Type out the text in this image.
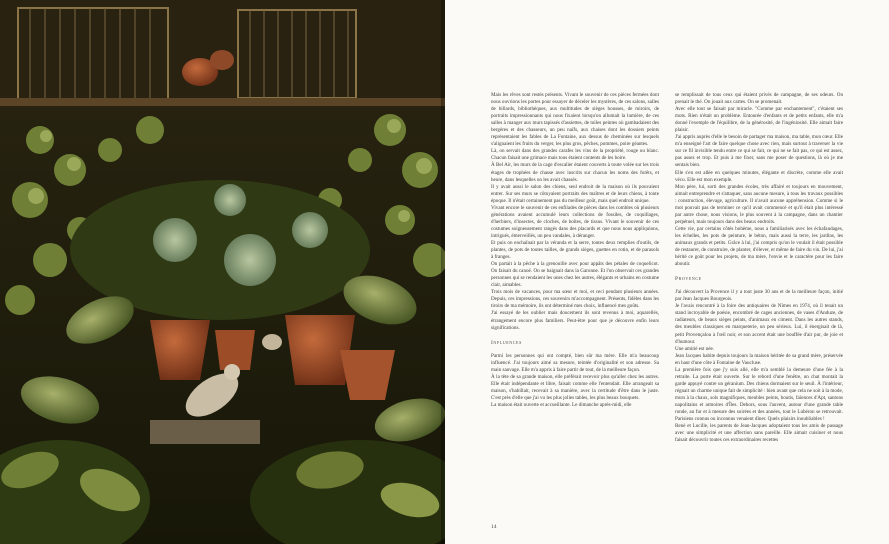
Mais les rêves sont restés présents. Vivant le souvenir de ces pièces fermées dont nous ouvrions les portes pour essayer de déceler les mystères, de ces salons, salles de billards, bibliothèques, aux multitudes de sièges housses, de miroirs, de portraits impressionnants qui nous fixaient lorsqu'on allumait la lumière, de ces salles à manger aux murs tapissés d'assiettes, de toiles peintes où gambadaient des bergères et des chasseurs, un peu naïfs, aux chaises dont les dossiers peints représentaient les fables de La Fontaine, aux dessus de cheminées sur lesquels s'alignaient les fruits du verger, les plus gros, pêches, pommes, poire géantes.

Là, on servait dans des grandes carafes les vins de la propriété, rouge ou blanc. Chacun faisait une grimace mais tous étaient contents de les boire.

À Bel Air, les murs de la cage d'escalier étaient couverts à toute volée sur les trois étages de trophées de chasse avec inscrits sur chacun les noms des forêts, et heure, dans lesquelles on les avait chassés.

Il y avait aussi le salon des chiens, seul endroit de la maison où ils pouvaient entrer. Sur ses murs se côtoyaient portraits des maîtres et de leurs chiens, à toute époque. Il n'était certainement pas du meilleur goût, mais quel endroit unique.

Vivant encore le souvenir de ces enfilades de pièces dans les combles où plusieurs générations avaient accumulé leurs collections de fossiles, de coquillages, d'herbiers, d'insectes, de cloches, de boîtes, de tissus. Vivant le souvenir de ces costumes soigneusement rangés dans des placards et que nous nous appliquions, intrigués, émerveillés, un peu vandales, à déranger.

Et puis on enchaînait par la véranda et la serre, toutes deux remplies d'outils, de plantes, de pots de toutes tailles, de grands sièges, guettes en rotin, et de parasols à franges.

On partait à la pêche à la grenouille avec pour appâts des pétales de coquelicot. On faisait du canoë. On se baignait dans la Garonne. Et l'on observait ces grandes personnes qui se rendaient les unes chez les autres, élégants et urbains en costume clair, aimables.

Trois mois de vacances, pour ma sœur et moi, et ceci pendant plusieurs années. Depuis, ces impressions, ces souvenirs m'accompagnent. Présents, fidèles dans les tiroirs de ma mémoire, ils ont déterminé mes choix, influencé mes goûts.

J'ai essayé de les oublier mais doucement ils sont revenus à moi, aquarellés, étrangement encore plus familiers. Peut-être pour que je découvre enfin leurs significations.

Influences

Parmi les personnes qui ont compté, bien sûr ma mère. Elle m'a beaucoup influencé. J'ai toujours aimé sa mesure, teintée d'originalité et son adresse. Sa main sauvage. Elle m'a appris à faire partir de tout, de la meilleure façon.

À la tête de sa grande maison, elle préférait recevoir plus qu'aller chez les autres. Elle était indépendante et libre, faisait comme elle l'entendait. Elle arrangeait sa maison, s'habillait, recevait à sa manière, avec la certitude d'être dans le juste. C'est près d'elle que j'ai vu les plus jolies tables, les plus beaux bouquets.

La maison était ouverte et accueillante. Le dimanche après-midi, elle

se remplissait de tous ceux qui étaient privés de campagne, de ses odeurs. On prenait le thé. On jouait aux cartes. On se promenait.

Avec elle tout se faisait par miracle. "Comme par enchantement", c'étaient ses mots. Rien n'était un problème. Entourée d'enfants et de petits enfants, elle m'a donné l'exemple de l'équilibre, de la générosité, de l'ingéniosité. Elle aimait faire plaisir.

J'ai appris auprès d'elle le besoin de partager ma maison, ma table, mon cœur. Elle m'a enseigné l'art de faire quelque chose avec rien, mais surtout à traverser la vie sur ce fil invisible tendu entre ce qui se fait, ce qui ne se fait pas, ce qui est assez, pas assez et trop. Et puis à me fixer, sans me poser de questions, là où je me sentais bien.

Elle s'en est allée en quelques minutes, élégante et discrète, comme elle avait vécu. Elle est mon exemple.

Mon père, lui, sorti des grandes écoles, très affairé et toujours en mouvement, aimait entreprendre et s'attaquer, sans aucune mesure, à tous les travaux possibles : construction, élevage, agriculture. Il n'avait aucune appréhension. Comme si le mot pouvait pas de terminer ce qu'il avait commencé et qu'il était plus intéressé par autre chose, nous visions, le plus souvent à la campagne, dans un chantier perpétuel, mais toujours dans des beaux endroits.

Cette vie, par certains côtés bohème, nous a familiarisés avec les échafaudages, les échelles, les pots de peinture, le béton, mais aussi la terre, les jardins, les animaux grands et petits. Grâce à lui, j'ai compris qu'on le voulait il était possible de restaurer, de construire, de planter, d'élever, et même de faire du vin. De lui, j'ai hérité ce goût pour les projets, de ma mère, l'envie et le caractère pour les faire aboutir.

Provence

J'ai découvert la Provence il y a tout juste 30 ans et de la meilleure façon, initié par Jean Jacques Bourgeois.

Je l'avais rencontré à la foire des antiquaires de Nîmes en 1974, où il tenait un stand incroyable de poésie, encombré de cages anciennes, de vases d'Anduze, de radiateurs, de beaux sièges peints, d'animaux en ciment. Dans les autres stands, des meubles classiques en marqueterie, un peu sérieux. Lui, il énergisait de là, petit Provençalou à l'œil noir, et son accent était une bouffée d'air pur, de joie et d'humour.

Une amitié est née.

Jean Jacques habite depuis toujours la maison héritée de sa grand mère, préservée en haut d'une côte à Fontaine de Vaucluse.

La première fois que j'y suis allé, elle m'a semblé la demeure d'une fée à la retraite. La porte était ouverte. Sur le rebord d'une fenêtre, un chat montait la garde appuyé contre un géranium. Des chiens dormaient sur le seuil. À l'intérieur, régnait un charme unique fait de simplicité : bien avant que cela ne soit à la mode, murs à la chaux, sols magnifiques, meubles peints, boutis, faïences d'Apt, santons napolitains et armoires d'Îles. Dehors, sous l'auvent, autour d'une grande table ronde, au fur et à mesure des soirées et des années, tout le Lubéron se retrouvait. Parisiens connus ou inconnus venaient dîner. Quels plaisirs inoubliables !

René et Lucille, les parents de Jean-Jacques adoptaient tous les amis de passage avec une simplicité et une affection sans pareille. Elle aimait cuisiner et nous faisait découvrir toutes ces extraordinaires recettes

14
